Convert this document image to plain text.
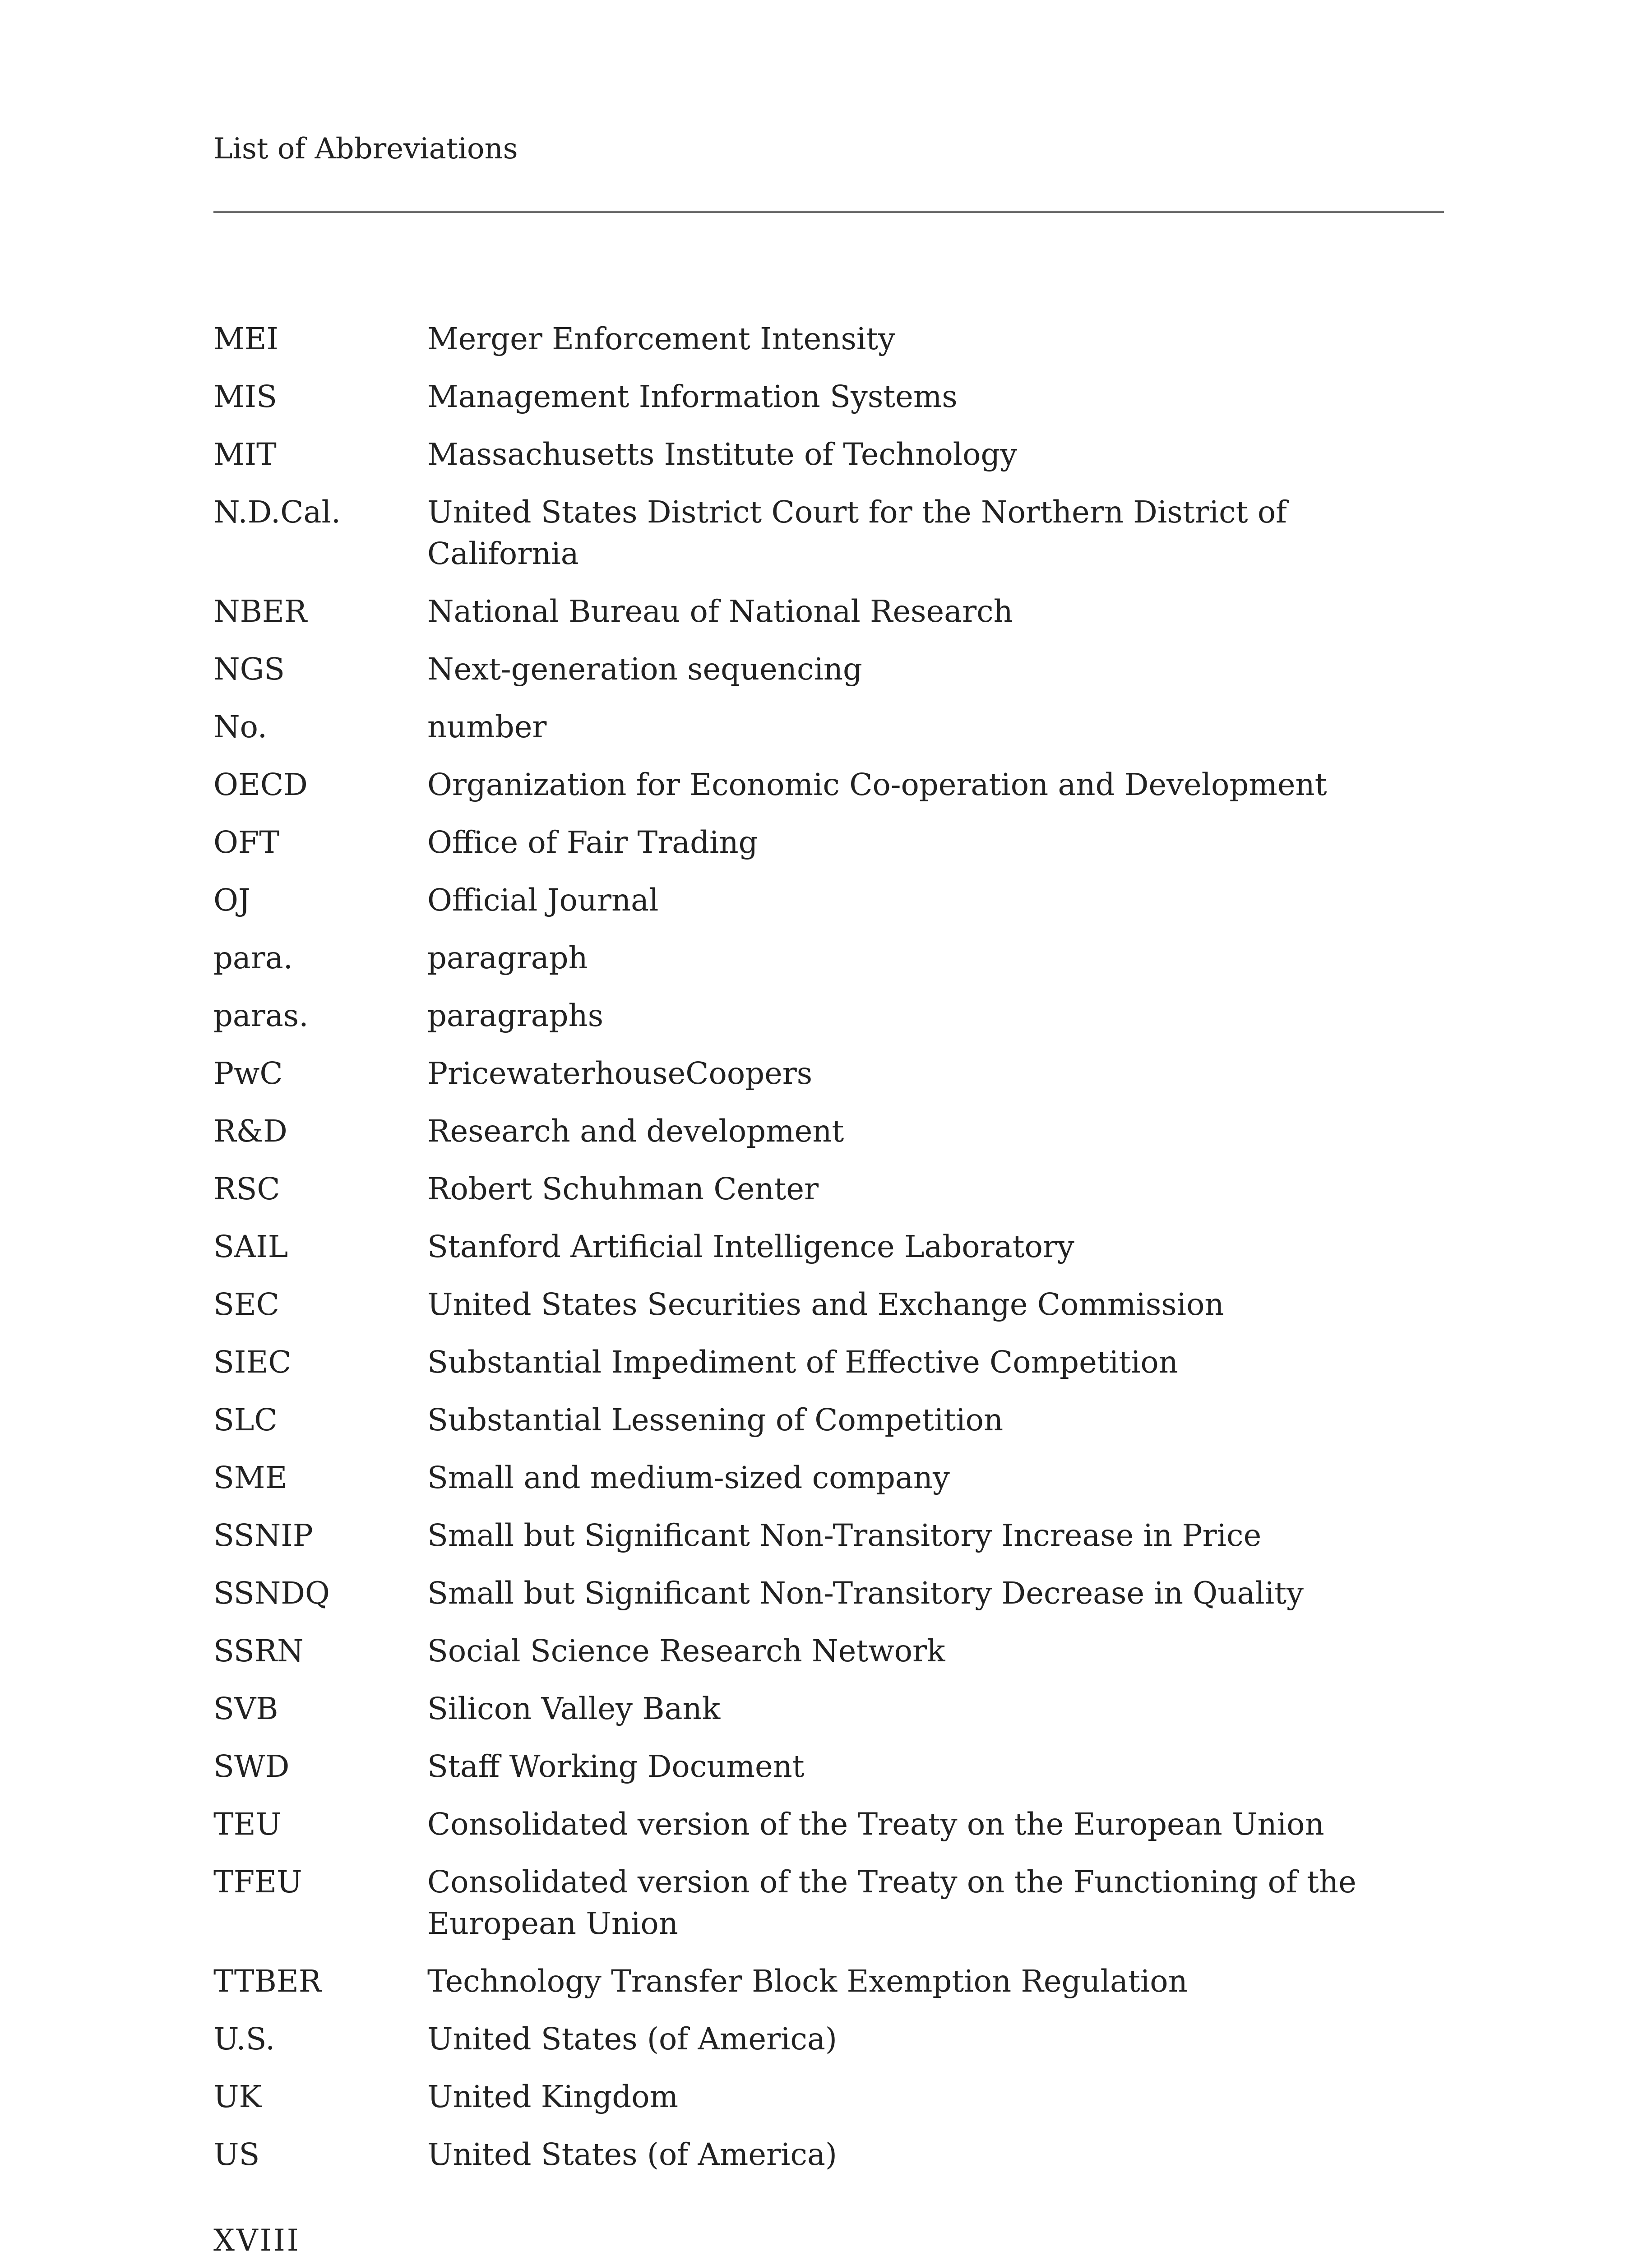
List of Abbreviations
MEI	Merger Enforcement Intensity
MIS	Management Information Systems
MIT	Massachusetts Institute of Technology
N.D.Cal.	United States District Court for the Northern District of California
NBER	National Bureau of National Research
NGS	Next-generation sequencing
No.	number
OECD	Organization for Economic Co-operation and Development
OFT	Office of Fair Trading
OJ	Official Journal
para.	paragraph
paras.	paragraphs
PwC	PricewaterhouseCoopers
R&D	Research and development
RSC	Robert Schuhman Center
SAIL	Stanford Artificial Intelligence Laboratory
SEC	United States Securities and Exchange Commission
SIEC	Substantial Impediment of Effective Competition
SLC	Substantial Lessening of Competition
SME	Small and medium-sized company
SSNIP	Small but Significant Non-Transitory Increase in Price
SSNDQ	Small but Significant Non-Transitory Decrease in Quality
SSRN	Social Science Research Network
SVB	Silicon Valley Bank
SWD	Staff Working Document
TEU	Consolidated version of the Treaty on the European Union
TFEU	Consolidated version of the Treaty on the Functioning of the European Union
TTBER	Technology Transfer Block Exemption Regulation
U.S.	United States (of America)
UK	United Kingdom
US	United States (of America)
XVIII
